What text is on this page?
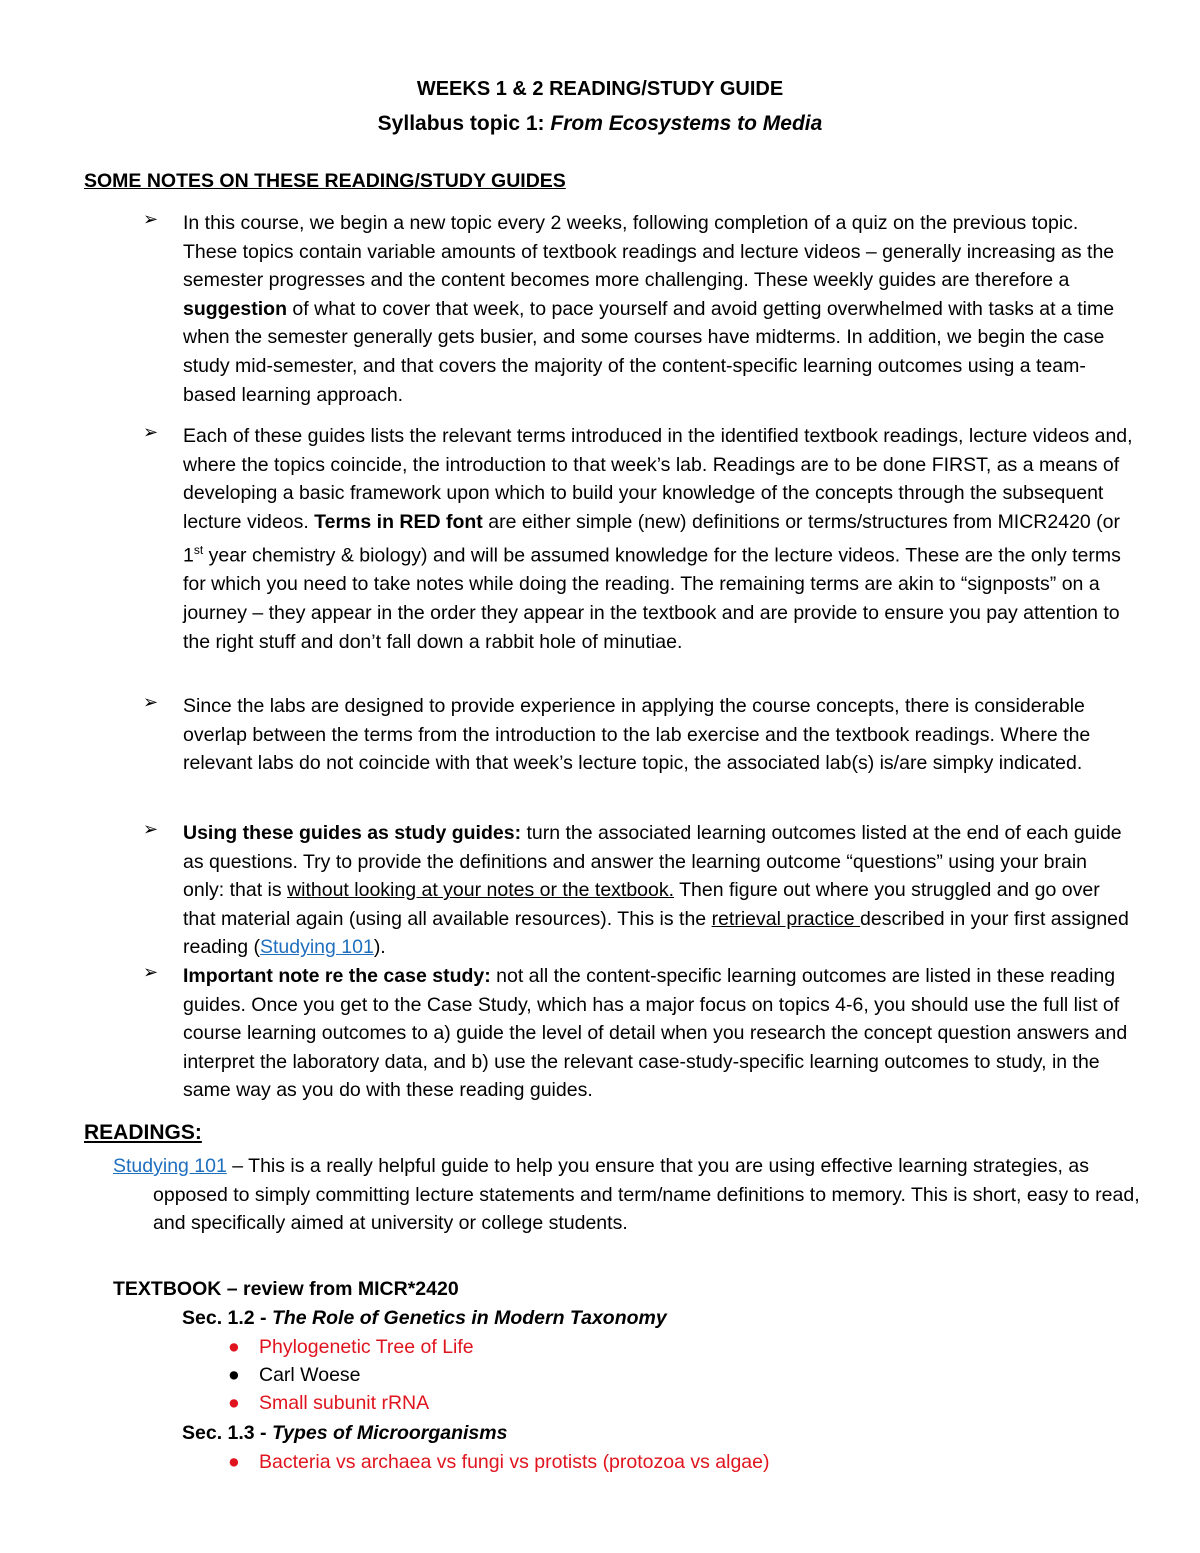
WEEKS 1 & 2 READING/STUDY GUIDE
Syllabus topic 1: From Ecosystems to Media
SOME NOTES ON THESE READING/STUDY GUIDES
➢ In this course, we begin a new topic every 2 weeks, following completion of a quiz on the previous topic. These topics contain variable amounts of textbook readings and lecture videos – generally increasing as the semester progresses and the content becomes more challenging. These weekly guides are therefore a suggestion of what to cover that week, to pace yourself and avoid getting overwhelmed with tasks at a time when the semester generally gets busier, and some courses have midterms. In addition, we begin the case study mid-semester, and that covers the majority of the content-specific learning outcomes using a team-based learning approach.
➢ Each of these guides lists the relevant terms introduced in the identified textbook readings, lecture videos and, where the topics coincide, the introduction to that week’s lab. Readings are to be done FIRST, as a means of developing a basic framework upon which to build your knowledge of the concepts through the subsequent lecture videos. Terms in RED font are either simple (new) definitions or terms/structures from MICR2420 (or 1st year chemistry & biology) and will be assumed knowledge for the lecture videos. These are the only terms for which you need to take notes while doing the reading. The remaining terms are akin to “signposts” on a journey – they appear in the order they appear in the textbook and are provide to ensure you pay attention to the right stuff and don’t fall down a rabbit hole of minutiae.
➢ Since the labs are designed to provide experience in applying the course concepts, there is considerable overlap between the terms from the introduction to the lab exercise and the textbook readings. Where the relevant labs do not coincide with that week’s lecture topic, the associated lab(s) is/are simpky indicated.
➢ Using these guides as study guides: turn the associated learning outcomes listed at the end of each guide as questions. Try to provide the definitions and answer the learning outcome “questions” using your brain only: that is without looking at your notes or the textbook. Then figure out where you struggled and go over that material again (using all available resources). This is the retrieval practice described in your first assigned reading (Studying 101).
➢ Important note re the case study: not all the content-specific learning outcomes are listed in these reading guides. Once you get to the Case Study, which has a major focus on topics 4-6, you should use the full list of course learning outcomes to a) guide the level of detail when you research the concept question answers and interpret the laboratory data, and b) use the relevant case-study-specific learning outcomes to study, in the same way as you do with these reading guides.
READINGS:
Studying 101 – This is a really helpful guide to help you ensure that you are using effective learning strategies, as opposed to simply committing lecture statements and term/name definitions to memory. This is short, easy to read, and specifically aimed at university or college students.
TEXTBOOK – review from MICR*2420
Sec. 1.2 - The Role of Genetics in Modern Taxonomy
● Phylogenetic Tree of Life
● Carl Woese
● Small subunit rRNA
Sec. 1.3 - Types of Microorganisms
● Bacteria vs archaea vs fungi vs protists (protozoa vs algae)
